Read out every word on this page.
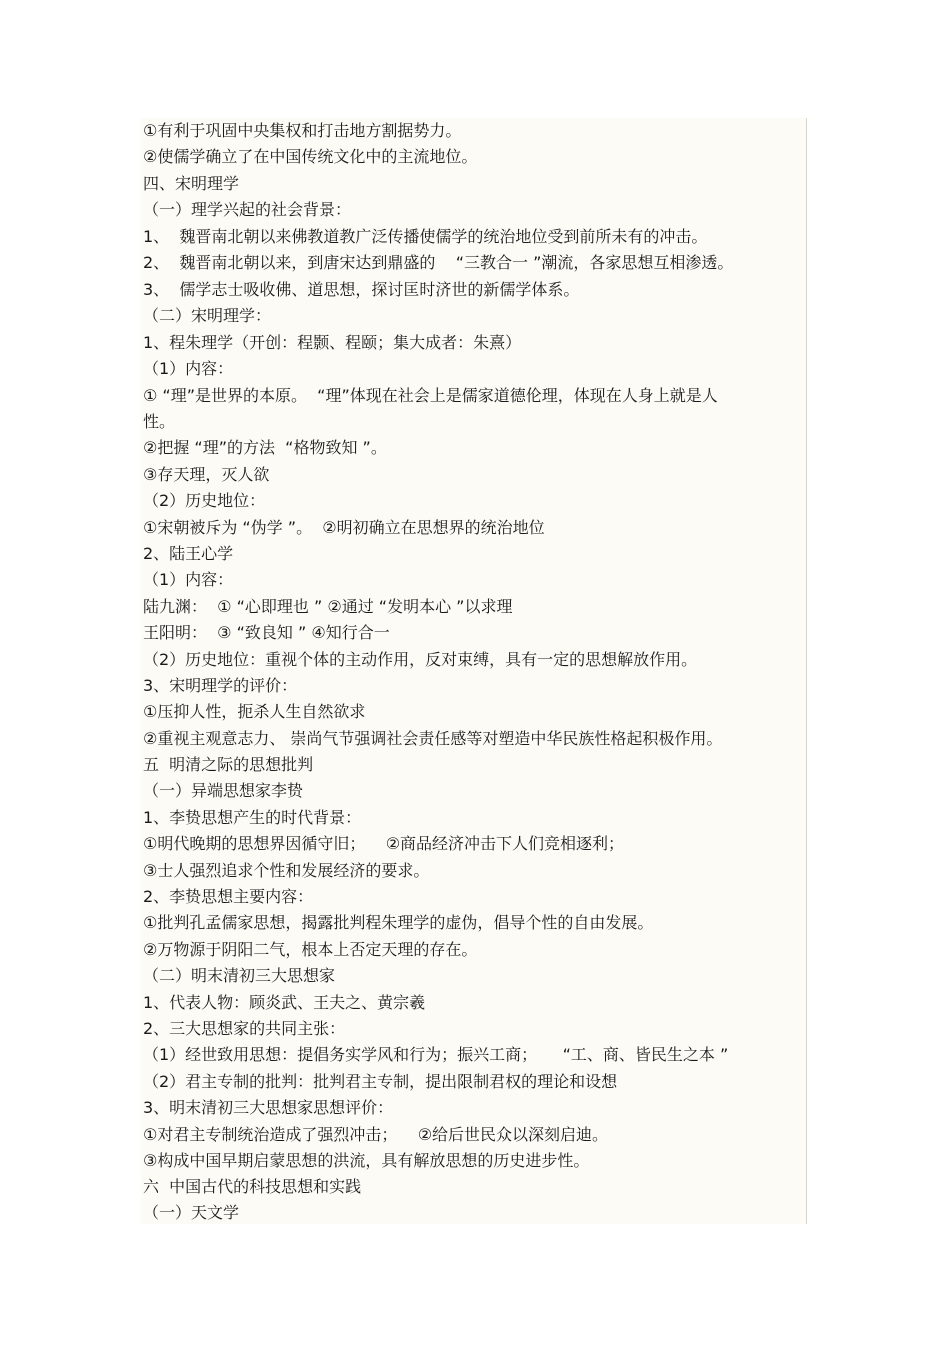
①有利于巩固中央集权和打击地方割据势力。
②使儒学确立了在中国传统文化中的主流地位。
四、宋明理学
（一）理学兴起的社会背景：
1、  魏晋南北朝以来佛教道教广泛传播使儒学的统治地位受到前所未有的冲击。
2、  魏晋南北朝以来，到唐宋达到鼎盛的    “三教合一 ”潮流，各家思想互相渗透。
3、  儒学志士吸收佛、道思想，探讨匡时济世的新儒学体系。
（二）宋明理学：
1、程朱理学（开创：程颢、程颐；集大成者：朱熹）
（1）内容：
① “理”是世界的本原。  “理”体现在社会上是儒家道德伦理，体现在人身上就是人
性。
②把握 “理”的方法  “格物致知 ”。
③存天理，灭人欲
（2）历史地位：
①宋朝被斥为 “伪学 ”。  ②明初确立在思想界的统治地位
2、陆王心学
（1）内容：
陆九渊：  ① “心即理也 ” ②通过 “发明本心 ”以求理
王阳明：  ③ “致良知 ” ④知行合一
（2）历史地位：重视个体的主动作用，反对束缚，具有一定的思想解放作用。
3、宋明理学的评价：
①压抑人性，扼杀人生自然欲求
②重视主观意志力、 崇尚气节强调社会责任感等对塑造中华民族性格起积极作用。
五  明清之际的思想批判
（一）异端思想家李贽
1、李贽思想产生的时代背景：
①明代晚期的思想界因循守旧；    ②商品经济冲击下人们竞相逐利；
③士人强烈追求个性和发展经济的要求。
2、李贽思想主要内容：
①批判孔孟儒家思想，揭露批判程朱理学的虚伪，倡导个性的自由发展。
②万物源于阴阳二气，根本上否定天理的存在。
（二）明末清初三大思想家
1、代表人物：顾炎武、王夫之、黄宗羲
2、三大思想家的共同主张：
（1）经世致用思想：提倡务实学风和行为；振兴工商；     “工、商、皆民生之本 ”
（2）君主专制的批判：批判君主专制，提出限制君权的理论和设想
3、明末清初三大思想家思想评价：
①对君主专制统治造成了强烈冲击；    ②给后世民众以深刻启迪。
③构成中国早期启蒙思想的洪流，具有解放思想的历史进步性。
六  中国古代的科技思想和实践
（一）天文学
